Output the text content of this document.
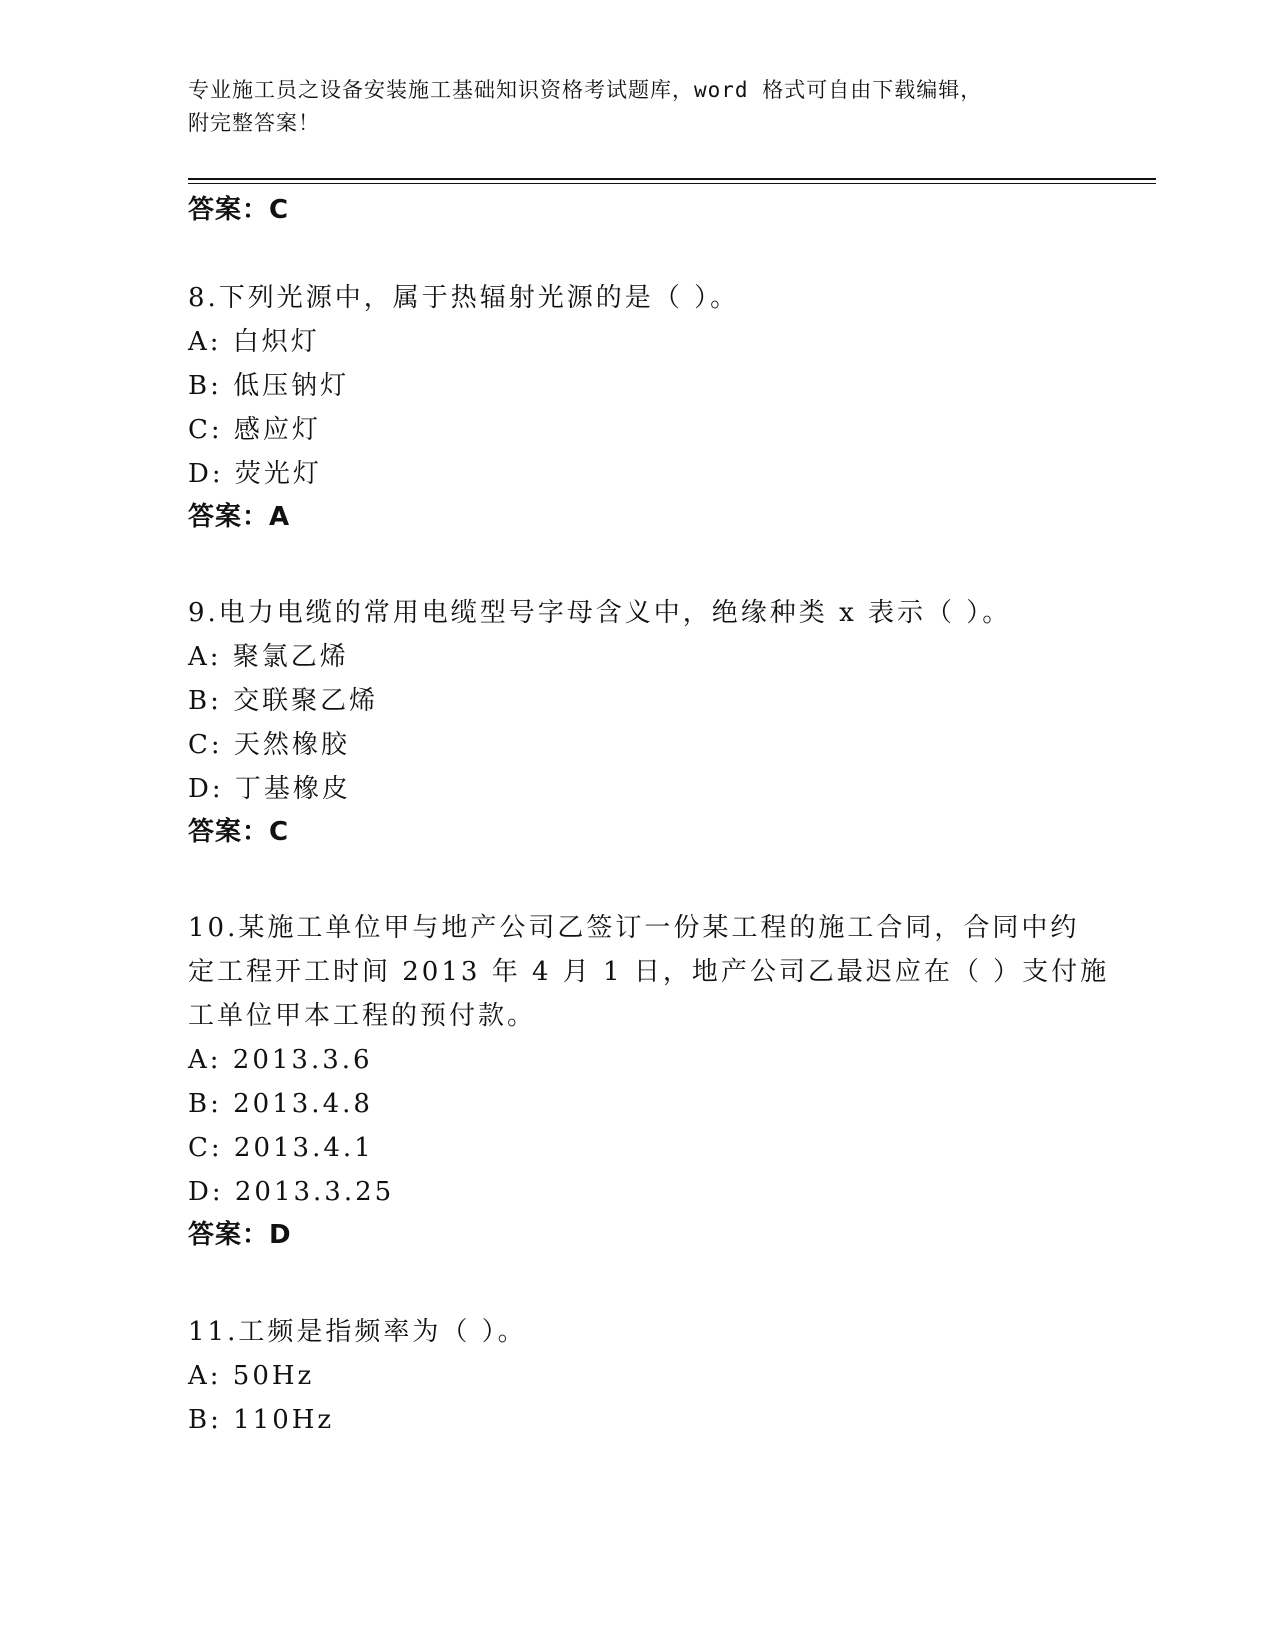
专业施工员之设备安装施工基础知识资格考试题库，word 格式可自由下载编辑，
附完整答案！
答案：C
8.下列光源中，属于热辐射光源的是（ ）。
A: 白炽灯
B: 低压钠灯
C: 感应灯
D: 荧光灯
答案：A
9.电力电缆的常用电缆型号字母含义中，绝缘种类 x 表示（ ）。
A: 聚氯乙烯
B: 交联聚乙烯
C: 天然橡胶
D: 丁基橡皮
答案：C
10.某施工单位甲与地产公司乙签订一份某工程的施工合同，合同中约
定工程开工时间 2013 年 4 月 1 日，地产公司乙最迟应在（ ）支付施
工单位甲本工程的预付款。
A: 2013.3.6
B: 2013.4.8
C: 2013.4.1
D: 2013.3.25
答案：D
11.工频是指频率为（ ）。
A: 50Hz
B: 110Hz
